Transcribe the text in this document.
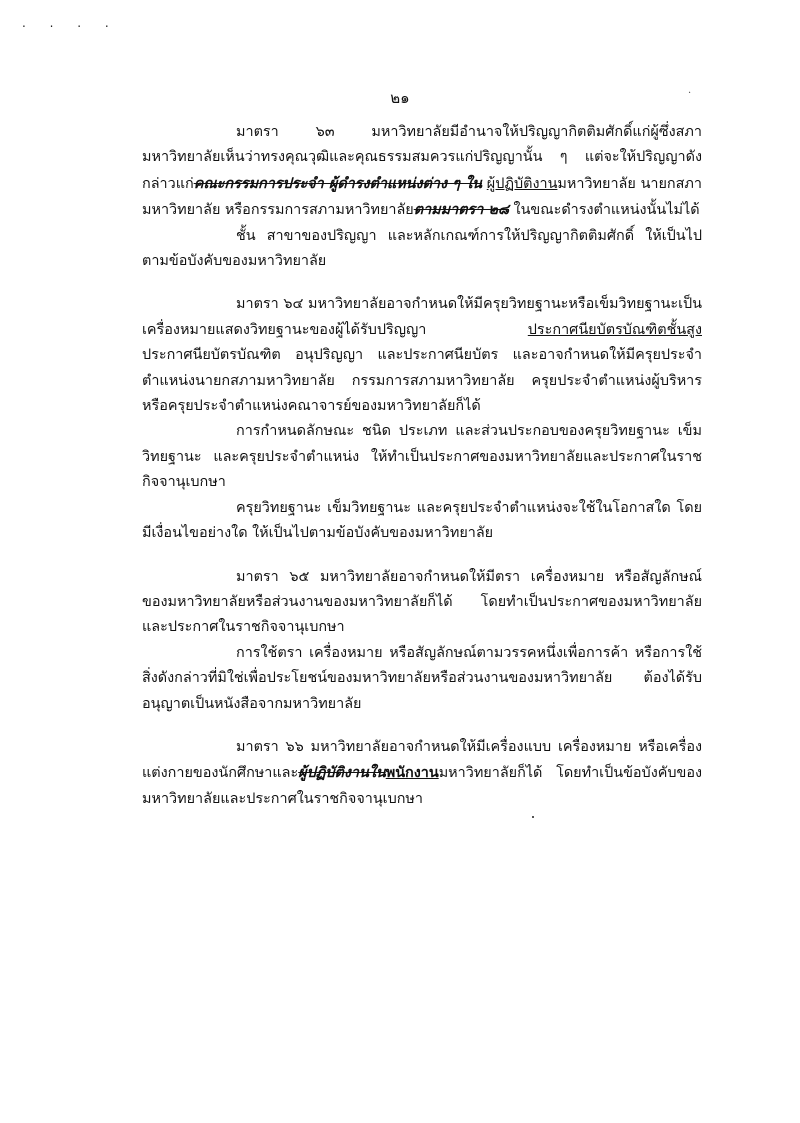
. . . .
·
๒๑

มาตรา ๖๓ มหาวิทยาลัยมีอำนาจให้ปริญญากิตติมศักดิ์แก่ผู้ซึ่งสภามหาวิทยาลัยเห็นว่าทรงคุณวุฒิและคุณธรรมสมควรแก่ปริญญานั้น ๆ แต่จะให้ปริญญาดังกล่าวแก่คณะกรรมการประจำ ผู้ดำรงตำแหน่งต่าง ๆ ใน ผู้ปฏิบัติงานมหาวิทยาลัย นายกสภามหาวิทยาลัย หรือกรรมการสภามหาวิทยาลัยตามมาตรา ๒๘ ในขณะดำรงตำแหน่งนั้นไม่ได้

ชั้น สาขาของปริญญา และหลักเกณฑ์การให้ปริญญากิตติมศักดิ์ ให้เป็นไปตามข้อบังคับของมหาวิทยาลัย

มาตรา ๖๔ มหาวิทยาลัยอาจกำหนดให้มีครุยวิทยฐานะหรือเข็มวิทยฐานะเป็นเครื่องหมายแสดงวิทยฐานะของผู้ได้รับปริญญา ประกาศนียบัตรบัณฑิตชั้นสูง ประกาศนียบัตรบัณฑิต อนุปริญญา และประกาศนียบัตร และอาจกำหนดให้มีครุยประจำตำแหน่งนายกสภามหาวิทยาลัย กรรมการสภามหาวิทยาลัย ครุยประจำตำแหน่งผู้บริหาร หรือครุยประจำตำแหน่งคณาจารย์ของมหาวิทยาลัยก็ได้

การกำหนดลักษณะ ชนิด ประเภท และส่วนประกอบของครุยวิทยฐานะ เข็มวิทยฐานะ และครุยประจำตำแหน่ง ให้ทำเป็นประกาศของมหาวิทยาลัยและประกาศในราชกิจจานุเบกษา

ครุยวิทยฐานะ เข็มวิทยฐานะ และครุยประจำตำแหน่งจะใช้ในโอกาสใด โดยมีเงื่อนไขอย่างใด ให้เป็นไปตามข้อบังคับของมหาวิทยาลัย

มาตรา ๖๕ มหาวิทยาลัยอาจกำหนดให้มีตรา เครื่องหมาย หรือสัญลักษณ์ของมหาวิทยาลัยหรือส่วนงานของมหาวิทยาลัยก็ได้ โดยทำเป็นประกาศของมหาวิทยาลัยและประกาศในราชกิจจานุเบกษา

การใช้ตรา เครื่องหมาย หรือสัญลักษณ์ตามวรรคหนึ่งเพื่อการค้า หรือการใช้สิ่งดังกล่าวที่มิใช่เพื่อประโยชน์ของมหาวิทยาลัยหรือส่วนงานของมหาวิทยาลัย ต้องได้รับอนุญาตเป็นหนังสือจากมหาวิทยาลัย

มาตรา ๖๖ มหาวิทยาลัยอาจกำหนดให้มีเครื่องแบบ เครื่องหมาย หรือเครื่องแต่งกายของนักศึกษาและผู้ปฏิบัติงานในพนักงานมหาวิทยาลัยก็ได้ โดยทำเป็นข้อบังคับของมหาวิทยาลัยและประกาศในราชกิจจานุเบกษา
